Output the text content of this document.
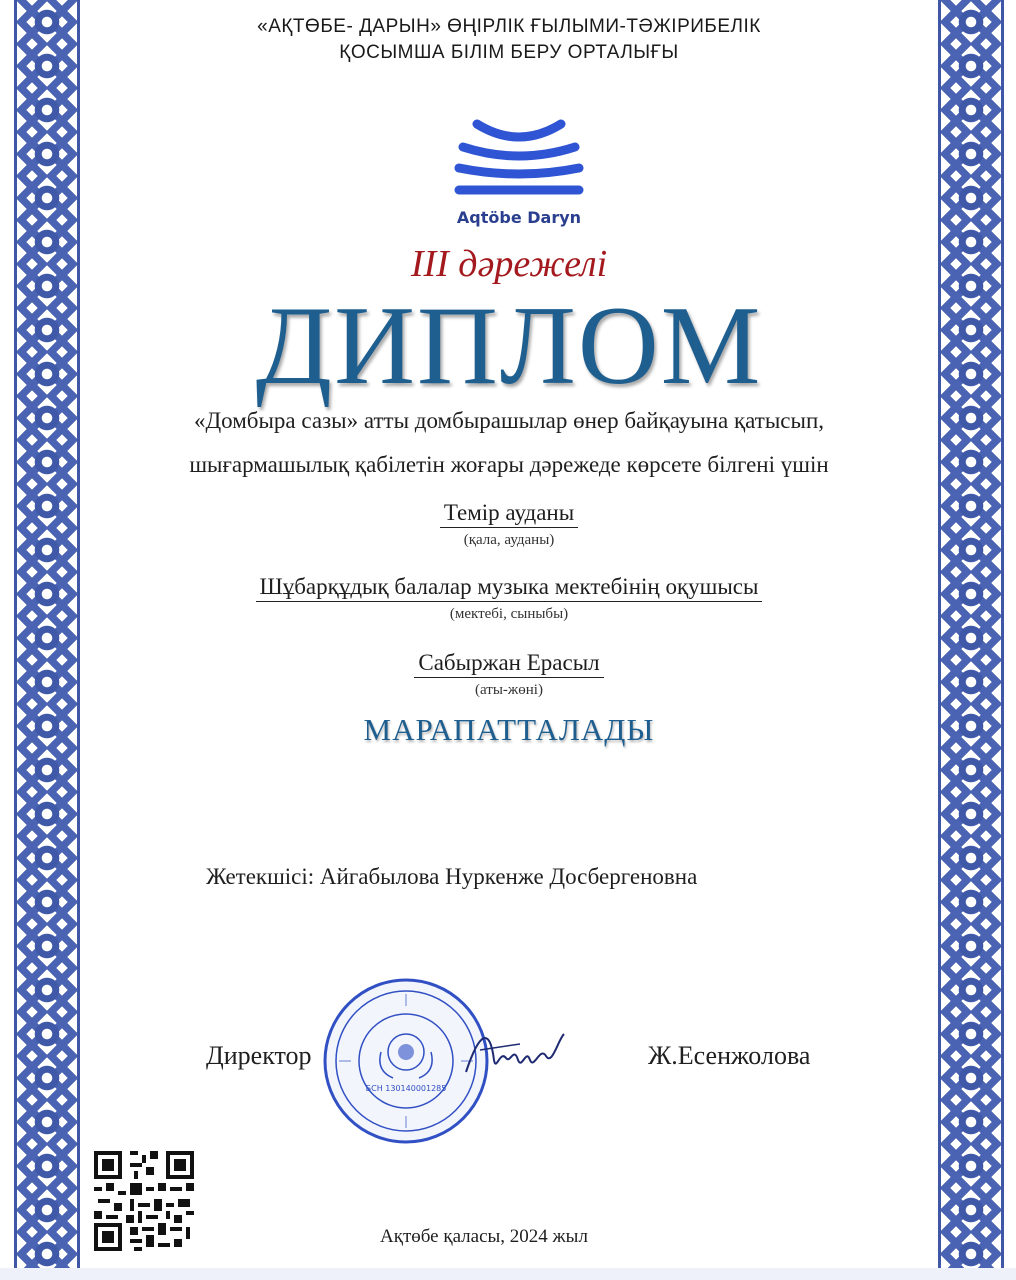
«АҚТӨБЕ- ДАРЫН» ӨҢІРЛІК ҒЫЛЫМИ-ТӘЖІРИБЕЛІК
ҚОСЫМША БІЛІМ БЕРУ ОРТАЛЫҒЫ
Aqtöbe Daryn
ІІІ дәрежелі
ДИПЛОМ
«Домбыра сазы» атты домбырашылар өнер байқауына қатысып,
шығармашылық қабілетін жоғары дәрежеде көрсете білгені үшін
Темір ауданы
(қала, ауданы)
Шұбарқұдық балалар музыка мектебінің оқушысы
(мектебі, сыныбы)
Сабыржан Ерасыл
(аты-жөні)
МАРАПАТТАЛАДЫ
Жетекшісі: Айгабылова Нуркенже Досбергеновна
Директор	Ж.Есенжолова
БСН 130140001285
Ақтөбе қаласы, 2024 жыл
